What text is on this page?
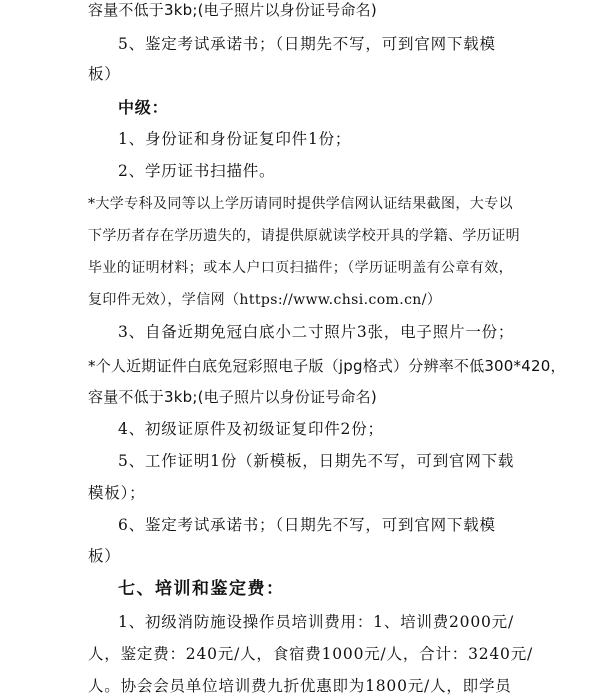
容量不低于3kb;(电子照片以身份证号命名)
5、鉴定考试承诺书；（日期先不写，可到官网下载模
板）
中级：
1、身份证和身份证复印件1份；
2、学历证书扫描件。
*大学专科及同等以上学历请同时提供学信网认证结果截图，大专以
下学历者存在学历遗失的，请提供原就读学校开具的学籍、学历证明
毕业的证明材料；或本人户口页扫描件；（学历证明盖有公章有效，
复印件无效），学信网（https://www.chsi.com.cn/）
3、自备近期免冠白底小二寸照片3张，电子照片一份；
*个人近期证件白底免冠彩照电子版（jpg格式）分辨率不低300*420，
容量不低于3kb;(电子照片以身份证号命名)
4、初级证原件及初级证复印件2份；
5、工作证明1份（新模板，日期先不写，可到官网下载
模板）；
6、鉴定考试承诺书；（日期先不写，可到官网下载模
板）
七、培训和鉴定费：
1、初级消防施设操作员培训费用：1、培训费2000元/
人，鉴定费：240元/人，食宿费1000元/人，合计：3240元/
人。协会会员单位培训费九折优惠即为1800元/人，即学员
